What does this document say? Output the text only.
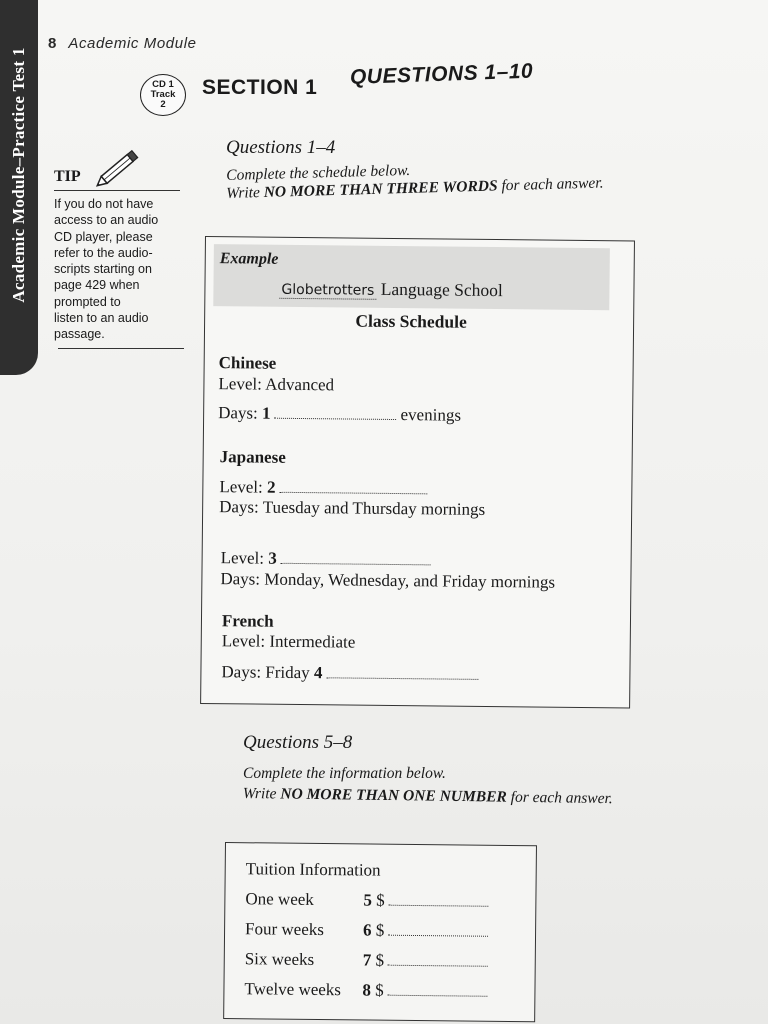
Academic Module–Practice Test 1
8 Academic Module
CD 1
Track
2
SECTION 1 QUESTIONS 1–10
TIP
If you do not have
access to an audio
CD player, please
refer to the audio-
scripts starting on
page 429 when
prompted to
listen to an audio
passage.
Questions 1–4
Complete the schedule below.
Write NO MORE THAN THREE WORDS for each answer.
Example
Globetrotters Language School
Class Schedule
Chinese
Level: Advanced
Days: 1	evenings
Japanese
Level: 2
Days: Tuesday and Thursday mornings
Level: 3
Days: Monday, Wednesday, and Friday mornings
French
Level: Intermediate
Days: Friday 4
Questions 5–8
Complete the information below.
Write NO MORE THAN ONE NUMBER for each answer.
Tuition Information
One week	5 $
Four weeks 6 $
Six weeks	7 $
Twelve weeks 8 $
